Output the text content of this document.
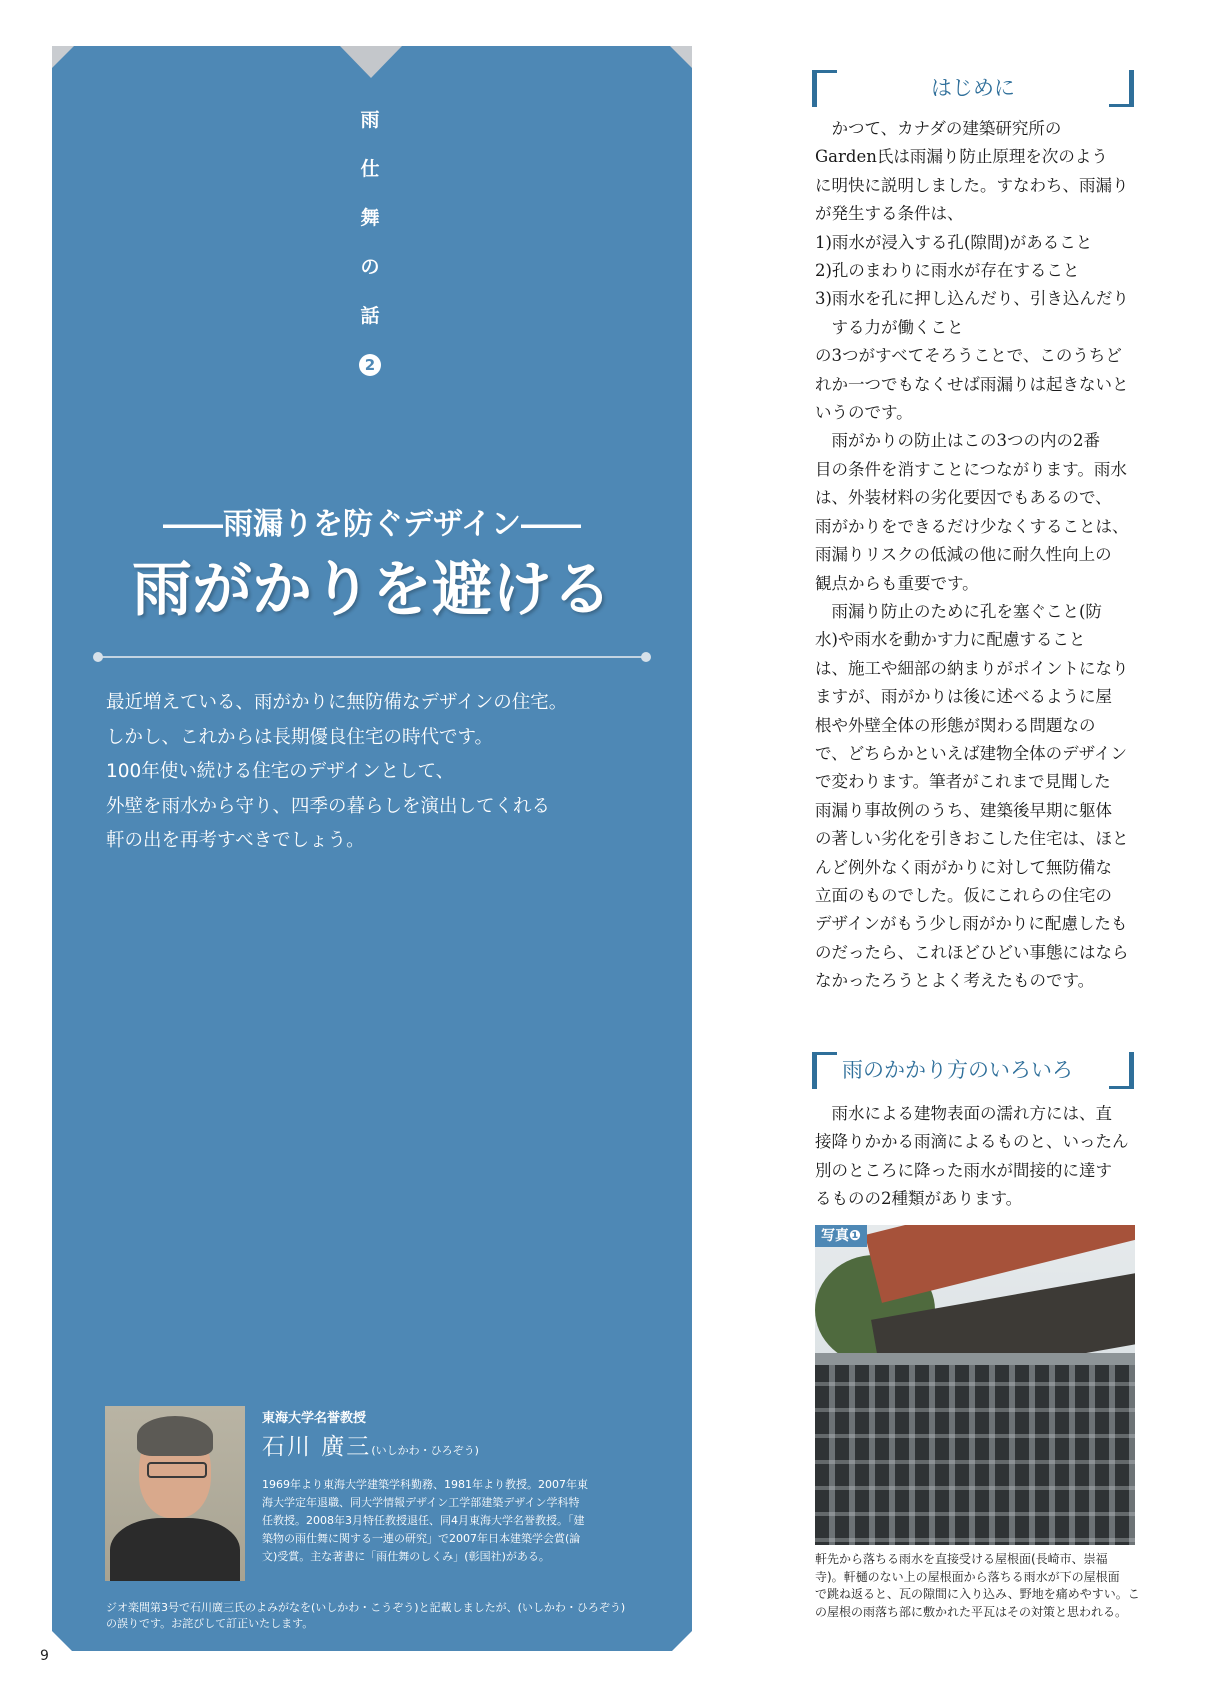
雨
仕
舞
の
話
2
――雨漏りを防ぐデザイン――
雨がかりを避ける
最近増えている、雨がかりに無防備なデザインの住宅。
しかし、これからは長期優良住宅の時代です。
100年使い続ける住宅のデザインとして、
外壁を雨水から守り、四季の暮らしを演出してくれる
軒の出を再考すべきでしょう。
東海大学名誉教授
石川 廣三(いしかわ・ひろぞう)
1969年より東海大学建築学科勤務、1981年より教授。2007年東
海大学定年退職、同大学情報デザイン工学部建築デザイン学科特
任教授。2008年3月特任教授退任、同4月東海大学名誉教授。「建
築物の雨仕舞に関する一連の研究」で2007年日本建築学会賞(論
文)受賞。主な著書に「雨仕舞のしくみ」(彰国社)がある。
ジオ楽間第3号で石川廣三氏のよみがなを(いしかわ・こうぞう)と記載しましたが、(いしかわ・ひろぞう)
の誤りです。お詫びして訂正いたします。
9
はじめに
　かつて、カナダの建築研究所の
Garden氏は雨漏り防止原理を次のよう
に明快に説明しました。すなわち、雨漏り
が発生する条件は、
1)雨水が浸入する孔(隙間)があること
2)孔のまわりに雨水が存在すること
3)雨水を孔に押し込んだり、引き込んだり
　する力が働くこと
の3つがすべてそろうことで、このうちど
れか一つでもなくせば雨漏りは起きないと
いうのです。
　雨がかりの防止はこの3つの内の2番
目の条件を消すことにつながります。雨水
は、外装材料の劣化要因でもあるので、
雨がかりをできるだけ少なくすることは、
雨漏りリスクの低減の他に耐久性向上の
観点からも重要です。
　雨漏り防止のために孔を塞ぐこと(防
水)や雨水を動かす力に配慮すること
は、施工や細部の納まりがポイントになり
ますが、雨がかりは後に述べるように屋
根や外壁全体の形態が関わる問題なの
で、どちらかといえば建物全体のデザイン
で変わります。筆者がこれまで見聞した
雨漏り事故例のうち、建築後早期に躯体
の著しい劣化を引きおこした住宅は、ほと
んど例外なく雨がかりに対して無防備な
立面のものでした。仮にこれらの住宅の
デザインがもう少し雨がかりに配慮したも
のだったら、これほどひどい事態にはなら
なかったろうとよく考えたものです。
雨のかかり方のいろいろ
　雨水による建物表面の濡れ方には、直
接降りかかる雨滴によるものと、いったん
別のところに降った雨水が間接的に達す
るものの2種類があります。
写真❶
軒先から落ちる雨水を直接受ける屋根面(長崎市、崇福
寺)。軒樋のない上の屋根面から落ちる雨水が下の屋根面
で跳ね返ると、瓦の隙間に入り込み、野地を痛めやすい。こ
の屋根の雨落ち部に敷かれた平瓦はその対策と思われる。
